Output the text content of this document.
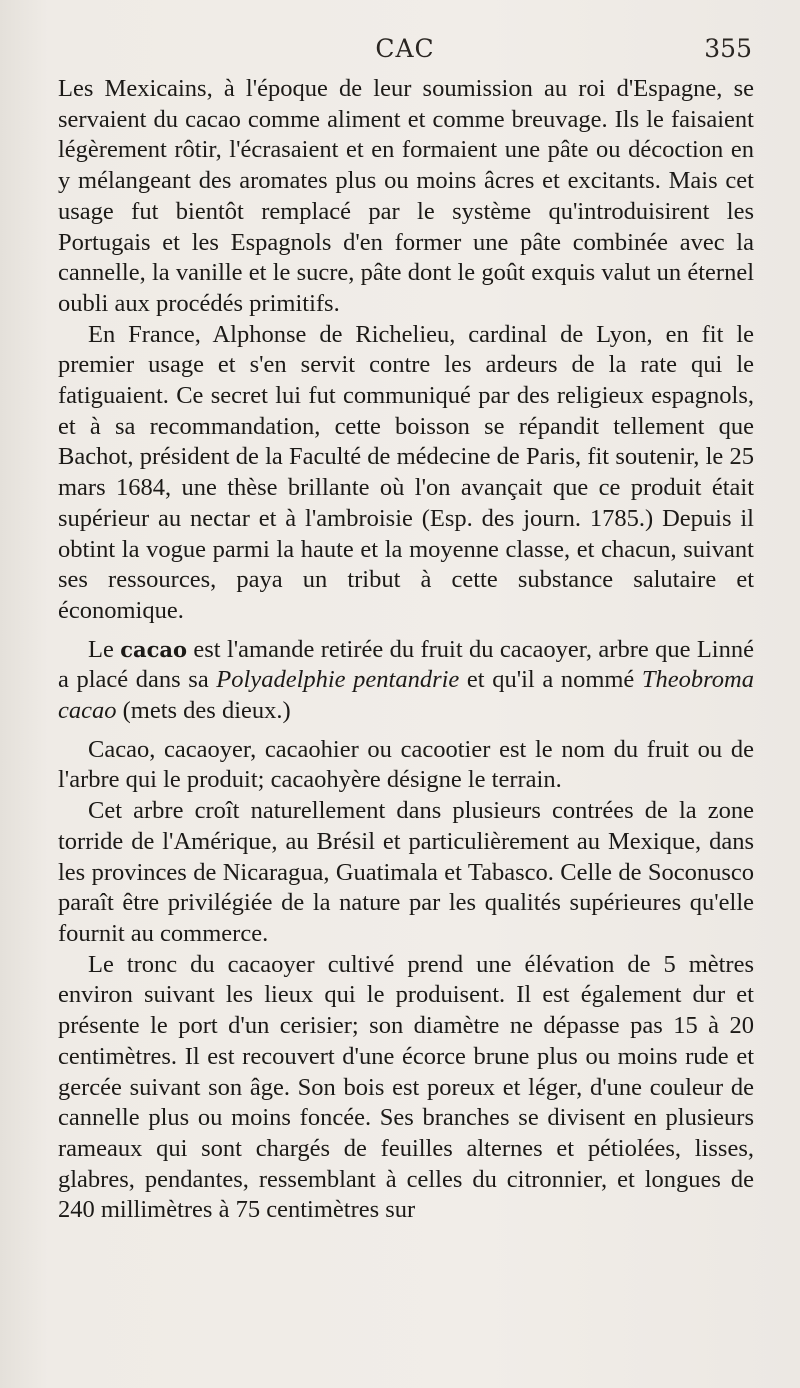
CAC	355

Les Mexicains, à l'époque de leur soumission au roi d'Espagne, se servaient du cacao comme aliment et comme breuvage. Ils le faisaient légèrement rôtir, l'écrasaient et en formaient une pâte ou décoction en y mélangeant des aromates plus ou moins âcres et excitants. Mais cet usage fut bientôt remplacé par le système qu'introduisirent les Portugais et les Espagnols d'en former une pâte combinée avec la cannelle, la vanille et le sucre, pâte dont le goût exquis valut un éternel oubli aux procédés primitifs.

En France, Alphonse de Richelieu, cardinal de Lyon, en fit le premier usage et s'en servit contre les ardeurs de la rate qui le fatiguaient. Ce secret lui fut communiqué par des religieux espagnols, et à sa recommandation, cette boisson se répandit tellement que Bachot, président de la Faculté de médecine de Paris, fit soutenir, le 25 mars 1684, une thèse brillante où l'on avançait que ce produit était supérieur au nectar et à l'ambroisie (Esp. des journ. 1785.) Depuis il obtint la vogue parmi la haute et la moyenne classe, et chacun, suivant ses ressources, paya un tribut à cette substance salutaire et économique.

Le cacao est l'amande retirée du fruit du cacaoyer, arbre que Linné a placé dans sa Polyadelphie pentandrie et qu'il a nommé Theobroma cacao (mets des dieux.)

Cacao, cacaoyer, cacaohier ou cacootier est le nom du fruit ou de l'arbre qui le produit; cacaohyère désigne le terrain.

Cet arbre croît naturellement dans plusieurs contrées de la zone torride de l'Amérique, au Brésil et particulièrement au Mexique, dans les provinces de Nicaragua, Guatimala et Tabasco. Celle de Soconusco paraît être privilégiée de la nature par les qualités supérieures qu'elle fournit au commerce.

Le tronc du cacaoyer cultivé prend une élévation de 5 mètres environ suivant les lieux qui le produisent. Il est également dur et présente le port d'un cerisier; son diamètre ne dépasse pas 15 à 20 centimètres. Il est recouvert d'une écorce brune plus ou moins rude et gercée suivant son âge. Son bois est poreux et léger, d'une couleur de cannelle plus ou moins foncée. Ses branches se divisent en plusieurs rameaux qui sont chargés de feuilles alternes et pétiolées, lisses, glabres, pendantes, ressemblant à celles du citronnier, et longues de 240 millimètres à 75 centimètres sur
